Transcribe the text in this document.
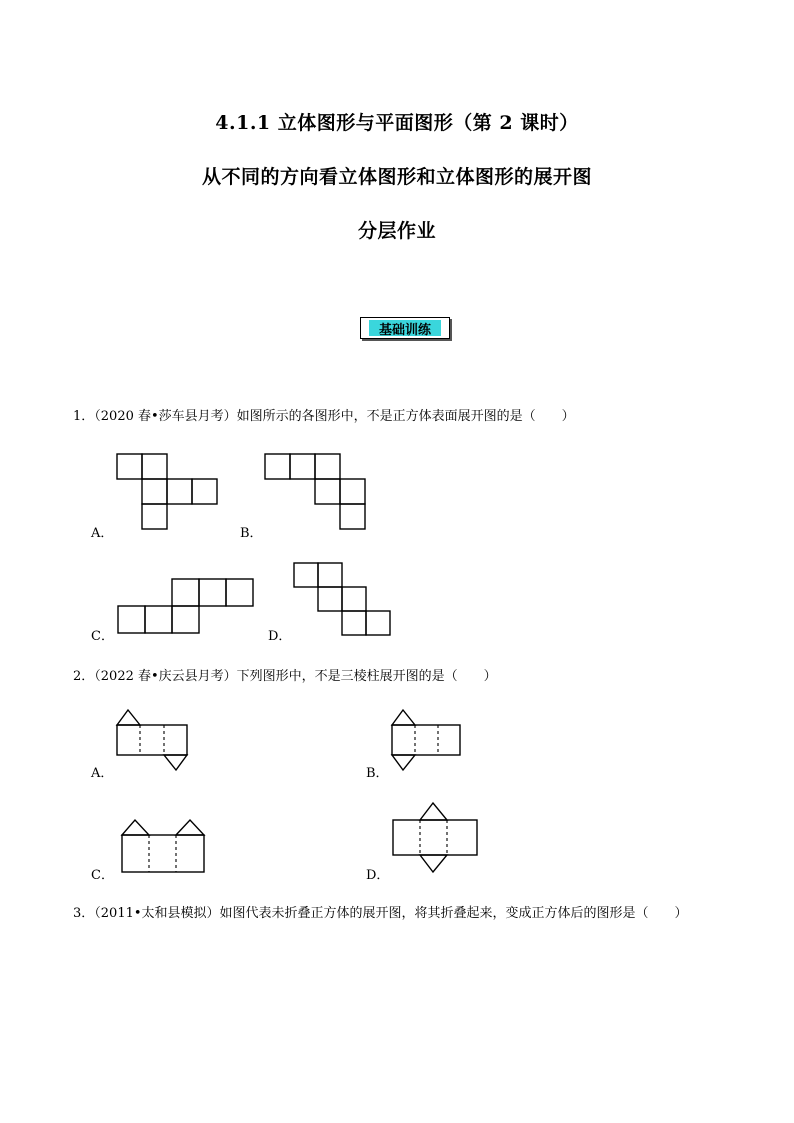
4.1.1 立体图形与平面图形（第 2 课时）
从不同的方向看立体图形和立体图形的展开图
分层作业
基础训练
1．（2020 春•莎车县月考）如图所示的各图形中，不是正方体表面展开图的是（　　）
A．	B．
C．	D．
2．（2022 春•庆云县月考）下列图形中，不是三棱柱展开图的是（　　）
A．	B．
C．	D．
3．（2011•太和县模拟）如图代表未折叠正方体的展开图，将其折叠起来，变成正方体后的图形是（　　）
